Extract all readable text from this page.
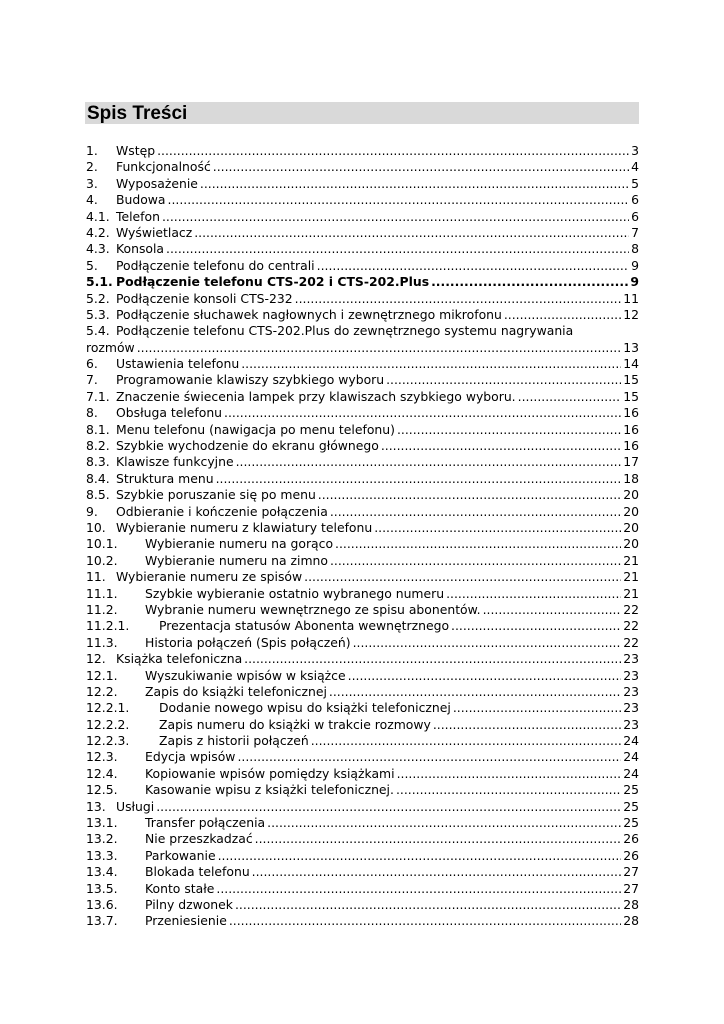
Spis Treści
1. Wstęp .....	3
2. Funkcjonalność .....	4
3. Wyposażenie .....	5
4. Budowa .....	6
4.1. Telefon .....	6
4.2. Wyświetlacz .....	7
4.3. Konsola .....	8
5. Podłączenie telefonu do centrali .....	9
5.1. Podłączenie telefonu CTS-202 i CTS-202.Plus .....	9
5.2. Podłączenie konsoli CTS-232 .....	11
5.3. Podłączenie słuchawek nagłownych i zewnętrznego mikrofonu .....	12
5.4. Podłączenie telefonu CTS-202.Plus do zewnętrznego systemu nagrywania
rozmów .....	13
6. Ustawienia telefonu .....	14
7. Programowanie klawiszy szybkiego wyboru .....	15
7.1. Znaczenie świecenia lampek przy klawiszach szybkiego wyboru. .....	15
8. Obsługa telefonu .....	16
8.1. Menu telefonu (nawigacja po menu telefonu) .....	16
8.2. Szybkie wychodzenie do ekranu głównego .....	16
8.3. Klawisze funkcyjne .....	17
8.4. Struktura menu .....	18
8.5. Szybkie poruszanie się po menu .....	20
9. Odbieranie i kończenie połączenia .....	20
10. Wybieranie numeru z klawiatury telefonu .....	20
10.1. Wybieranie numeru na gorąco .....	20
10.2. Wybieranie numeru na zimno .....	21
11. Wybieranie numeru ze spisów .....	21
11.1. Szybkie wybieranie ostatnio wybranego numeru .....	21
11.2. Wybranie numeru wewnętrznego ze spisu abonentów. .....	22
11.2.1. Prezentacja statusów Abonenta wewnętrznego .....	22
11.3. Historia połączeń (Spis połączeń) .....	22
12. Książka telefoniczna .....	23
12.1. Wyszukiwanie wpisów w książce .....	23
12.2. Zapis do książki telefonicznej .....	23
12.2.1. Dodanie nowego wpisu do książki telefonicznej .....	23
12.2.2. Zapis numeru do książki w trakcie rozmowy .....	23
12.2.3. Zapis z historii połączeń .....	24
12.3. Edycja wpisów .....	24
12.4. Kopiowanie wpisów pomiędzy książkami .....	24
12.5. Kasowanie wpisu z książki telefonicznej. .....	25
13. Usługi .....	25
13.1. Transfer połączenia .....	25
13.2. Nie przeszkadzać .....	26
13.3. Parkowanie .....	26
13.4. Blokada telefonu .....	27
13.5. Konto stałe .....	27
13.6. Pilny dzwonek .....	28
13.7. Przeniesienie .....	28
